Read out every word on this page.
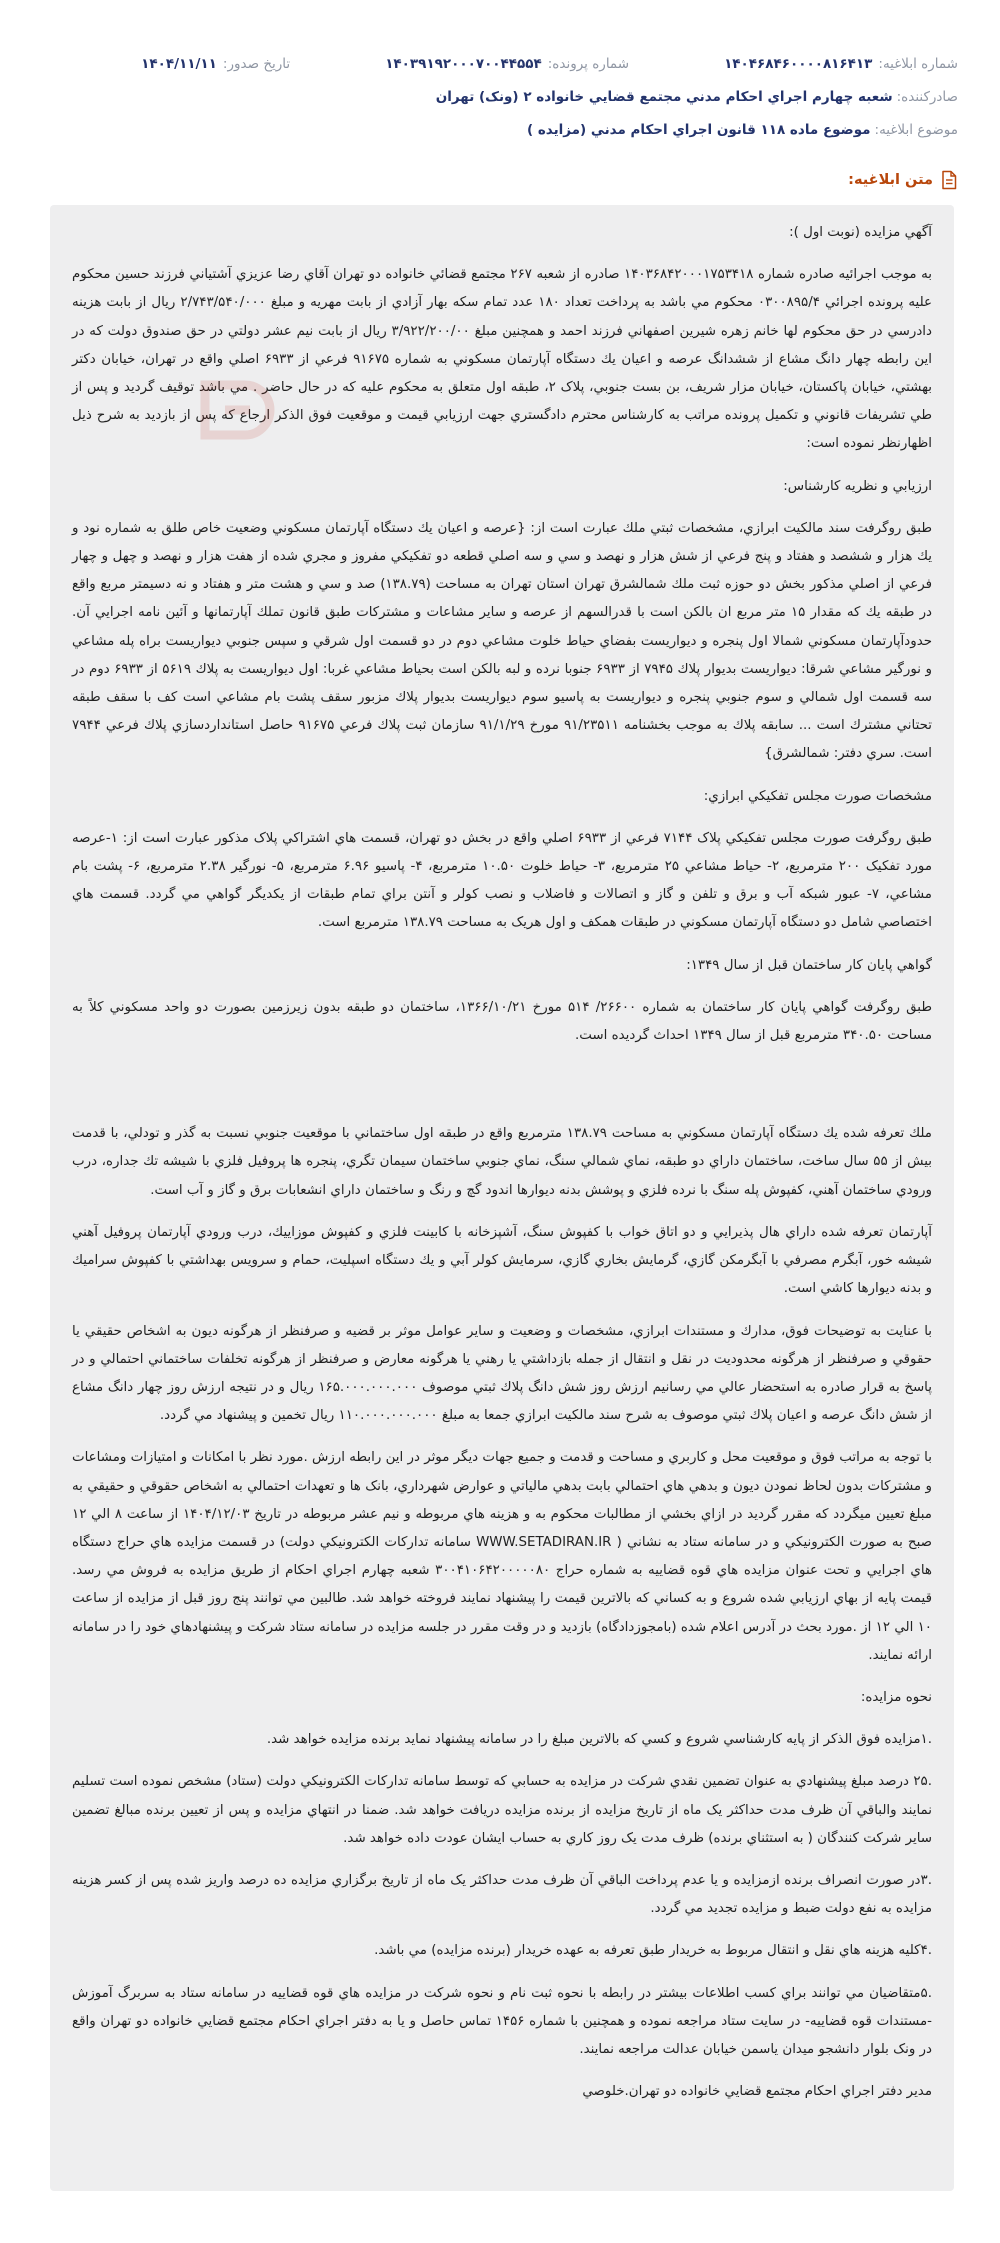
شماره ابلاغيه:
۱۴۰۴۶۸۴۶۰۰۰۰۸۱۶۴۱۳
شماره پرونده:
۱۴۰۳۹۱۹۲۰۰۰۷۰۰۴۴۵۵۴
تاريخ صدور:
۱۴۰۴/۱۱/۱۱
صادرکننده:
شعبه چهارم اجراي احکام مدني مجتمع قضايي خانواده ۲ (ونک) تهران
موضوع ابلاغيه:
موضوع ماده ۱۱۸ قانون اجراي احکام مدني (مزايده )
متن ابلاغيه:

آگهي مزايده (نوبت اول ):

به موجب اجرائيه صادره شماره ۱۴۰۳۶۸۴۲۰۰۰۱۷۵۳۴۱۸ صادره از شعبه ۲۶۷ مجتمع قضائي خانواده دو تهران آقاي رضا عزيزي آشتياني فرزند حسين محکوم عليه پرونده اجرائي ۰۳۰۰۸۹۵/۴ محکوم مي باشد به پرداخت تعداد ۱۸۰ عدد تمام سکه بهار آزادي از بابت مهريه و مبلغ ۲/۷۴۳/۵۴۰/۰۰۰ ريال از بابت هزينه دادرسي در حق محکوم لها خانم زهره شيرين اصفهاني فرزند احمد و همچنين مبلغ ۳/۹۲۲/۲۰۰/۰۰ ريال از بابت نيم عشر دولتي در حق صندوق دولت که در اين رابطه چهار دانگ مشاع از ششدانگ عرصه و اعيان يك دستگاه آپارتمان مسکوني به شماره ۹۱۶۷۵ فرعي از ۶۹۳۳ اصلي واقع در تهران، خيابان دکتر بهشتي، خيابان پاکستان، خيابان مزار شريف، بن بست جنوبي، پلاک ۲، طبقه اول متعلق به محکوم عليه که در حال حاضر . مي باشد توقيف گرديد و پس از طي تشريفات قانوني و تکميل پرونده مراتب به کارشناس محترم دادگستري جهت ارزيابي قيمت و موقعيت فوق الذکر ارجاع که پس از بازديد به شرح ذيل اظهارنظر نموده است:

ارزيابي و نظريه کارشناس:

طبق روگرفت سند مالکيت ابرازي، مشخصات ثبتي ملك عبارت است از: {عرصه و اعيان يك دستگاه آپارتمان مسكوني وضعيت خاص طلق به شماره نود و يك هزار و ششصد و هفتاد و پنج فرعي از شش هزار و نهصد و سي و سه اصلي قطعه دو تفكيكي مفروز و مجري شده از هفت هزار و نهصد و چهل و چهار فرعي از اصلي مذكور بخش دو حوزه ثبت ملك شمالشرق تهران استان تهران به مساحت (۱۳۸.۷۹) صد و سي و هشت متر و هفتاد و نه دسيمتر مربع واقع در طبقه يك كه مقدار ۱۵ متر مربع ان بالكن است با قدرالسهم از عرصه و ساير مشاعات و مشتركات طبق قانون تملك آپارتمانها و آئين نامه اجرايي آن. حدودآپارتمان مسكوني شمالا اول پنجره و ديواريست بفضاي حياط خلوت مشاعي دوم در دو قسمت اول شرقي و سپس جنوبي ديواريست براه پله مشاعي و نورگير مشاعي شرقا: ديواريست بديوار پلاك ۷۹۴۵ از ۶۹۳۳ جنوبا نرده و لبه بالكن است بحياط مشاعي غربا: اول ديواريست به پلاك ۵۶۱۹ از ۶۹۳۳ دوم در سه قسمت اول شمالي و سوم جنوبي پنجره و ديواريست به پاسيو سوم ديواريست بديوار پلاك مزبور سقف پشت بام مشاعي است كف با سقف طبقه تحتاني مشترك است ... سابقه پلاك به موجب بخشنامه ۹۱/۲۳۵۱۱ مورخ ۹۱/۱/۲۹ سازمان ثبت پلاك فرعي ۹۱۶۷۵ حاصل استانداردسازي پلاك فرعي ۷۹۴۴ است. سري دفتر: شمالشرق}

مشخصات صورت مجلس تفکيکي ابرازي:

طبق روگرفت صورت مجلس تفکيکي پلاک ۷۱۴۴ فرعي از ۶۹۳۳ اصلي واقع در بخش دو تهران، قسمت هاي اشتراکي پلاک مذکور عبارت است از: ۱-عرصه مورد تفکيک ۲۰۰ مترمربع، ۲- حياط مشاعي ۲۵ مترمربع، ۳- حياط خلوت ۱۰.۵۰ مترمربع، ۴- پاسيو ۶.۹۶ مترمربع، ۵- نورگير ۲.۳۸ مترمربع، ۶- پشت بام مشاعي، ۷- عبور شبکه آب و برق و تلفن و گاز و اتصالات و فاضلاب و نصب کولر و آنتن براي تمام طبقات از يکديگر گواهي مي گردد. قسمت هاي اختصاصي شامل دو دستگاه آپارتمان مسکوني در طبقات همکف و اول هريک به مساحت ۱۳۸.۷۹ مترمربع است.

گواهي پايان کار ساختمان قبل از سال ۱۳۴۹:

طبق روگرفت گواهي پايان کار ساختمان به شماره ۲۶۶۰۰/ ۵۱۴ مورخ ۱۳۶۶/۱۰/۲۱، ساختمان دو طبقه بدون زيرزمين بصورت دو واحد مسکوني کلاً به مساحت ۳۴۰.۵۰ مترمربع قبل از سال ۱۳۴۹ احداث گرديده است.

ملك تعرفه شده يك دستگاه آپارتمان مسكوني به مساحت ۱۳۸.۷۹ مترمربع واقع در طبقه اول ساختماني با موقعيت جنوبي نسبت به گذر و تودلي، با قدمت بيش از ۵۵ سال ساخت، ساختمان داراي دو طبقه، نماي شمالي سنگ، نماي جنوبي ساختمان سيمان تگري، پنجره ها پروفيل فلزي با شيشه تك جداره، درب ورودي ساختمان آهني، كفپوش پله سنگ با نرده فلزي و پوشش بدنه ديوارها اندود گچ و رنگ و ساختمان داراي انشعابات برق و گاز و آب است.

آپارتمان تعرفه شده داراي هال پذيرايي و دو اتاق خواب با كفپوش سنگ، آشپزخانه با كابينت فلزي و كفپوش موزاييك، درب ورودي آپارتمان پروفيل آهني شيشه خور، آبگرم مصرفي با آبگرمكن گازي، گرمايش بخاري گازي، سرمايش كولر آبي و يك دستگاه اسپليت، حمام و سرويس بهداشتي با كفپوش سراميك و بدنه ديوارها كاشي است.

با عنايت به توضيحات فوق، مدارك و مستندات ابرازي، مشخصات و وضعيت و ساير عوامل موثر بر قضيه و صرفنظر از هرگونه ديون به اشخاص حقيقي يا حقوقي و صرفنظر از هرگونه محدوديت در نقل و انتقال از جمله بازداشتي يا رهني يا هرگونه معارض و صرفنظر از هرگونه تخلفات ساختماني احتمالي و در پاسخ به قرار صادره به استحضار عالي مي رسانيم ارزش روز شش دانگ پلاك ثبتي موصوف ۱۶۵.۰۰۰.۰۰۰.۰۰۰ ريال و در نتيجه ارزش روز چهار دانگ مشاع از شش دانگ عرصه و اعيان پلاك ثبتي موصوف به شرح سند مالكيت ابرازي جمعا به مبلغ ۱۱۰.۰۰۰.۰۰۰.۰۰۰ ريال تخمين و پيشنهاد مي گردد.

با توجه به مراتب فوق و موقعيت محل و کاربري و مساحت و قدمت و جميع جهات ديگر موثر در اين رابطه ارزش .مورد نظر با امکانات و امتيازات ومشاعات و مشترکات بدون لحاظ نمودن ديون و بدهي هاي احتمالي بابت بدهي مالياتي و عوارض شهرداري، بانک ها و تعهدات احتمالي به اشخاص حقوقي و حقيقي به مبلغ تعيين ميگردد که مقرر گرديد در ازاي بخشي از مطالبات محکوم به و هزينه هاي مربوطه و نيم عشر مربوطه در تاريخ ۱۴۰۴/۱۲/۰۳ از ساعت ۸ الي ۱۲ صبح به صورت الکترونيکي و در سامانه ستاد به نشاني ( WWW.SETADIRAN.IR سامانه تدارکات الکترونيکي دولت) در قسمت مزايده هاي حراج دستگاه هاي اجرايي و تحت عنوان مزايده هاي قوه قضاييه به شماره حراج ۳۰۰۴۱۰۶۴۲۰۰۰۰۰۸۰ شعبه چهارم اجراي احکام از طريق مزايده به فروش مي رسد. قيمت پايه از بهاي ارزيابي شده شروع و به کساني که بالاترين قيمت را پيشنهاد نمايند فروخته خواهد شد. طالبين مي توانند پنج روز قبل از مزايده از ساعت ۱۰ الي ۱۲ از .مورد بحث در آدرس اعلام شده (بامجوزدادگاه) بازديد و در وقت مقرر در جلسه مزايده در سامانه ستاد شرکت و پيشنهادهاي خود را در سامانه ارائه نمايند.

نحوه مزايده:

.۱مزايده فوق الذکر از پايه کارشناسي شروع و کسي که بالاترين مبلغ را در سامانه پيشنهاد نمايد برنده مزايده خواهد شد.

.۲۵ درصد مبلغ پيشنهادي به عنوان تضمين نقدي شرکت در مزايده به حسابي که توسط سامانه تدارکات الکترونيکي دولت (ستاد) مشخص نموده است تسليم نمايند والباقي آن ظرف مدت حداکثر يک ماه از تاريخ مزايده از برنده مزايده دريافت خواهد شد. ضمنا در انتهاي مزايده و پس از تعيين برنده مبالغ تضمين ساير شرکت کنندگان ( به استثناي برنده) ظرف مدت يک روز کاري به حساب ايشان عودت داده خواهد شد.

.۳در صورت انصراف برنده ازمزايده و يا عدم پرداخت الباقي آن ظرف مدت حداکثر يک ماه از تاريخ برگزاري مزايده ده درصد واريز شده پس از کسر هزينه مزايده به نفع دولت ضبط و مزايده تجديد مي گردد.

.۴کليه هزينه هاي نقل و انتقال مربوط به خريدار طبق تعرفه به عهده خريدار (برنده مزايده) مي باشد.

.۵متقاضيان مي توانند براي کسب اطلاعات بيشتر در رابطه با نحوه ثبت نام و نحوه شرکت در مزايده هاي قوه قضاييه در سامانه ستاد به سربرگ آموزش -مستندات قوه قضاييه- در سايت ستاد مراجعه نموده و همچنين با شماره ۱۴۵۶ تماس حاصل و يا به دفتر اجراي احکام مجتمع قضايي خانواده دو تهران واقع در ونک بلوار دانشجو ميدان ياسمن خيابان عدالت مراجعه نمايند.

مدير دفتر اجراي احکام مجتمع قضايي خانواده دو تهران.خلوصي
